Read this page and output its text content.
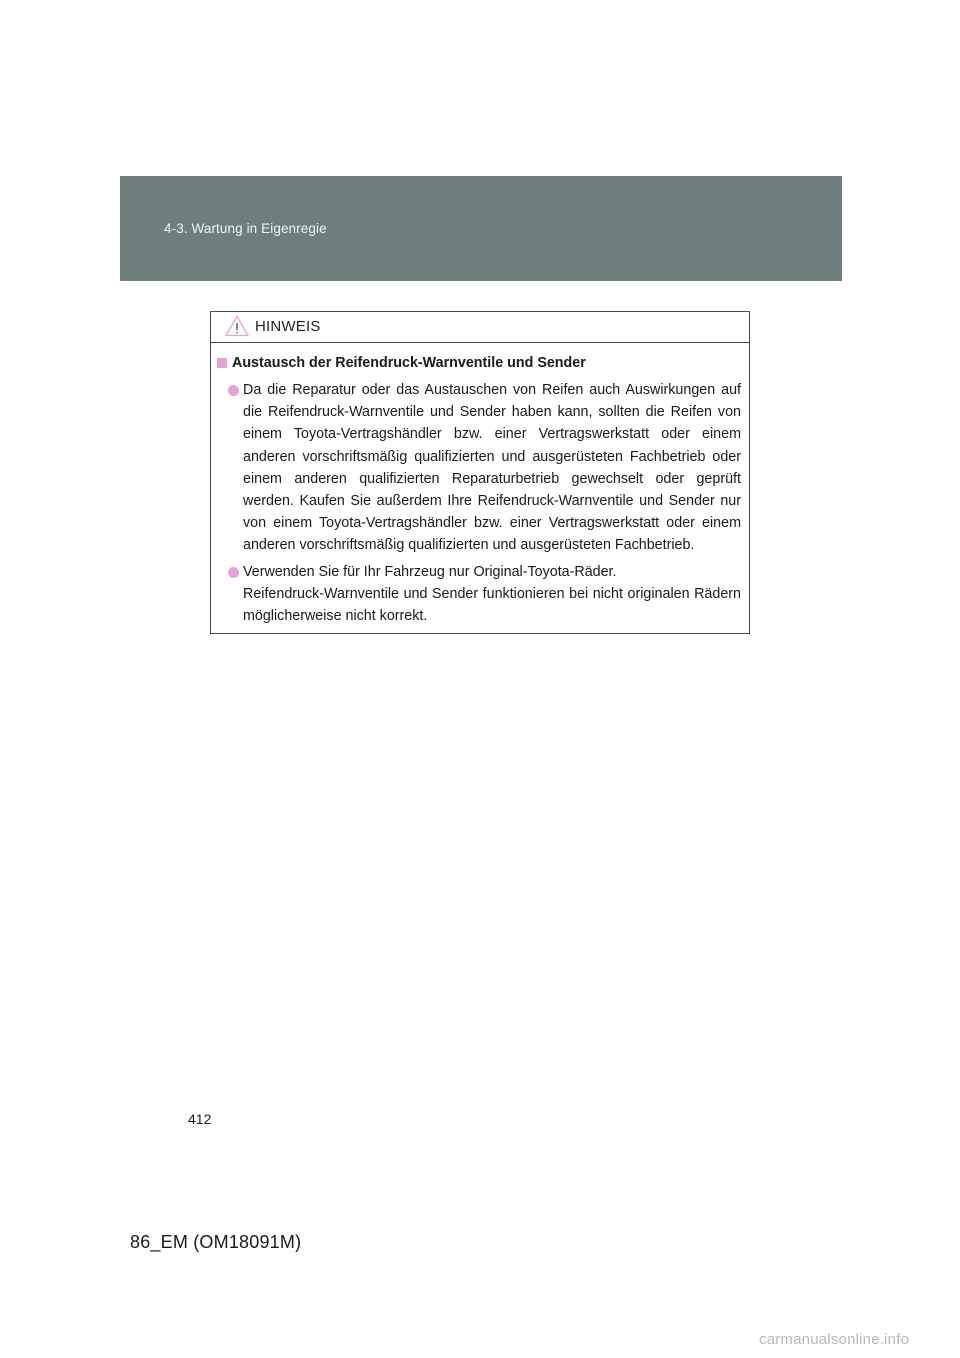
4-3. Wartung in Eigenregie
HINWEIS
Austausch der Reifendruck-Warnventile und Sender
Da die Reparatur oder das Austauschen von Reifen auch Auswirkungen auf die Reifendruck-Warnventile und Sender haben kann, sollten die Reifen von einem Toyota-Vertragshändler bzw. einer Vertragswerkstatt oder einem anderen vorschriftsmäßig qualifizierten und ausgerüsteten Fachbetrieb oder einem anderen qualifizierten Reparaturbetrieb gewechselt oder geprüft werden. Kaufen Sie außerdem Ihre Reifendruck-Warnventile und Sender nur von einem Toyota-Vertragshändler bzw. einer Vertragswerkstatt oder einem anderen vorschriftsmäßig qualifizierten und ausgerüsteten Fachbetrieb.
Verwenden Sie für Ihr Fahrzeug nur Original-Toyota-Räder.
Reifendruck-Warnventile und Sender funktionieren bei nicht originalen Rädern möglicherweise nicht korrekt.
412
86_EM (OM18091M)
carmanualsonline.info
